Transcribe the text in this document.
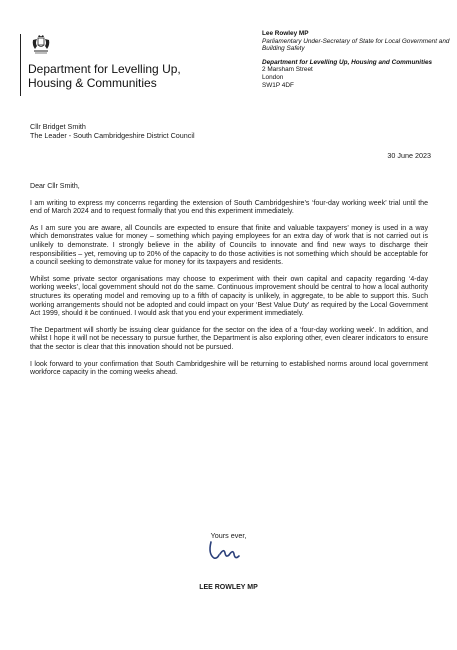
Department for Levelling Up, Housing & Communities
Lee Rowley MP
Parliamentary Under-Secretary of State for Local Government and Building Safety
Department for Levelling Up, Housing and Communities
2 Marsham Street
London
SW1P 4DF
Cllr Bridget Smith
The Leader - South Cambridgeshire District Council
30 June 2023

Dear Cllr Smith,

I am writing to express my concerns regarding the extension of South Cambridgeshire’s ‘four-day working week’ trial until the end of March 2024 and to request formally that you end this experiment immediately.

As I am sure you are aware, all Councils are expected to ensure that finite and valuable taxpayers’ money is used in a way which demonstrates value for money – something which paying employees for an extra day of work that is not carried out is unlikely to demonstrate. I strongly believe in the ability of Councils to innovate and find new ways to discharge their responsibilities – yet, removing up to 20% of the capacity to do those activities is not something which should be acceptable for a council seeking to demonstrate value for money for its taxpayers and residents.

Whilst some private sector organisations may choose to experiment with their own capital and capacity regarding ‘4-day working weeks’, local government should not do the same. Continuous improvement should be central to how a local authority structures its operating model and removing up to a fifth of capacity is unlikely, in aggregate, to be able to support this. Such working arrangements should not be adopted and could impact on your ‘Best Value Duty’ as required by the Local Government Act 1999, should it be continued. I would ask that you end your experiment immediately.

The Department will shortly be issuing clear guidance for the sector on the idea of a ‘four-day working week’. In addition, and whilst I hope it will not be necessary to pursue further, the Department is also exploring other, even clearer indicators to ensure that the sector is clear that this innovation should not be pursued.

I look forward to your confirmation that South Cambridgeshire will be returning to established norms around local government workforce capacity in the coming weeks ahead.

Yours ever,
LEE ROWLEY MP
